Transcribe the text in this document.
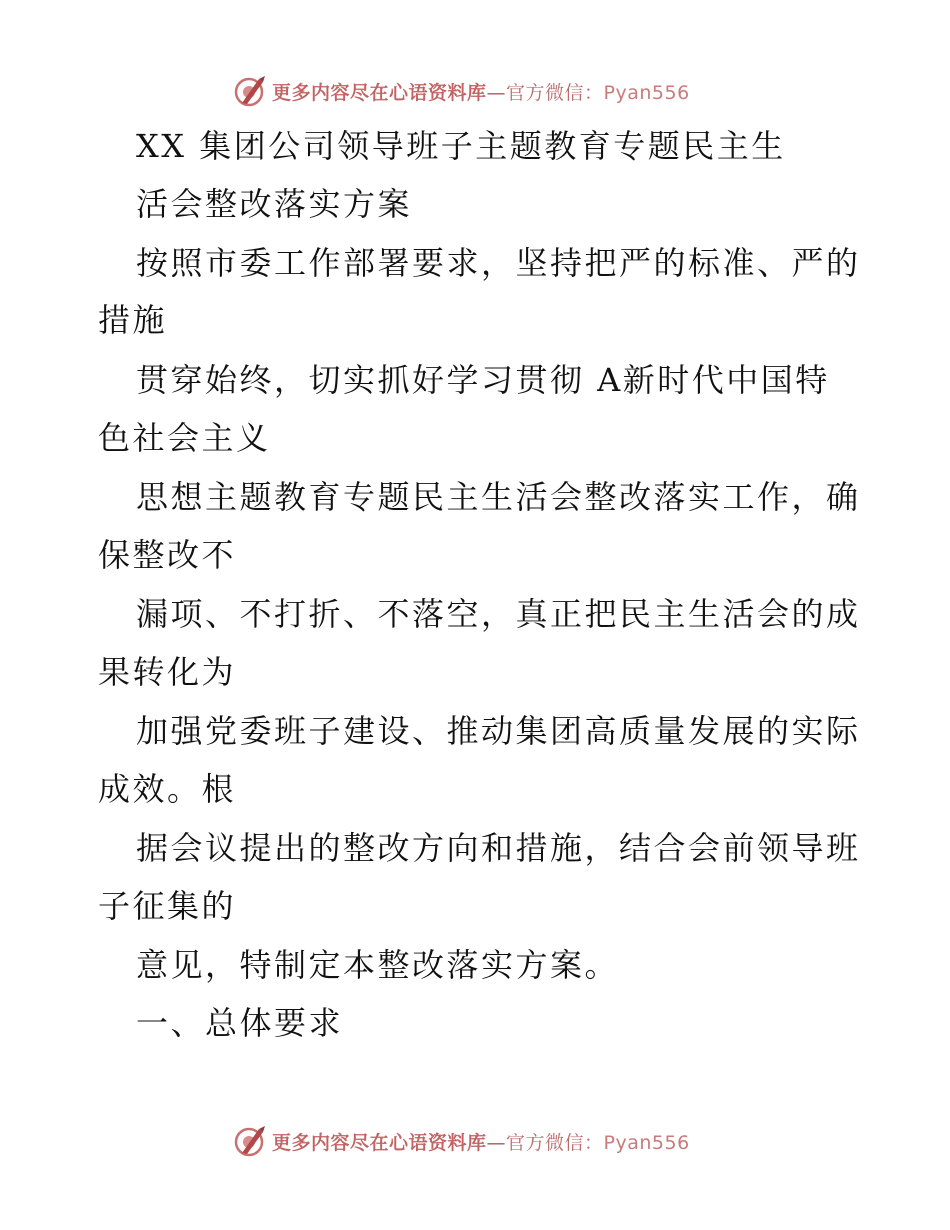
更多内容尽在心语资料库—官方微信：Pyan556
XX 集团公司领导班子主题教育专题民主生
活会整改落实方案
按照市委工作部署要求，坚持把严的标准、严的
措施
贯穿始终，切实抓好学习贯彻 A新时代中国特
色社会主义
思想主题教育专题民主生活会整改落实工作，确
保整改不
漏项、不打折、不落空，真正把民主生活会的成
果转化为
加强党委班子建设、推动集团高质量发展的实际
成效。根
据会议提出的整改方向和措施，结合会前领导班
子征集的
意见，特制定本整改落实方案。
一、总体要求
更多内容尽在心语资料库—官方微信：Pyan556
